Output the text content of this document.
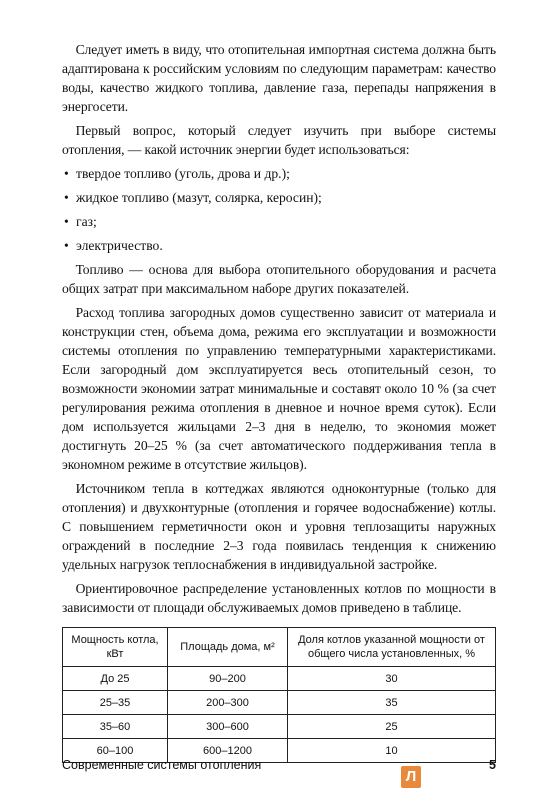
Следует иметь в виду, что отопительная импортная система должна быть адаптирована к российским условиям по следующим параметрам: качество воды, качество жидкого топлива, давление газа, перепады напряжения в энергосети.

Первый вопрос, который следует изучить при выборе системы отопления, — какой источник энергии будет использоваться:

• твердое топливо (уголь, дрова и др.);
• жидкое топливо (мазут, солярка, керосин);
• газ;
• электричество.

Топливо — основа для выбора отопительного оборудования и расчета общих затрат при максимальном наборе других показателей.

Расход топлива загородных домов существенно зависит от материала и конструкции стен, объема дома, режима его эксплуатации и возможности системы отопления по управлению температурными характеристиками. Если загородный дом эксплуатируется весь отопительный сезон, то возможности экономии затрат минимальные и составят около 10 % (за счет регулирования режима отопления в дневное и ночное время суток). Если дом используется жильцами 2–3 дня в неделю, то экономия может достигнуть 20–25 % (за счет автоматического поддерживания тепла в экономном режиме в отсутствие жильцов).

Источником тепла в коттеджах являются одноконтурные (только для отопления) и двухконтурные (отопления и горячее водоснабжение) котлы. С повышением герметичности окон и уровня теплозащиты наружных ограждений в последние 2–3 года появилась тенденция к снижению удельных нагрузок теплоснабжения в индивидуальной застройке.

Ориентировочное распределение установленных котлов по мощности в зависимости от площади обслуживаемых домов приведено в таблице.

Мощность котла, кВт	Площадь дома, м²	Доля котлов указанной мощности от общего числа установленных, %
До 25	90–200	30
25–35	200–300	35
35–60	300–600	25
60–100	600–1200	10
Современные системы отопления	5
Л
